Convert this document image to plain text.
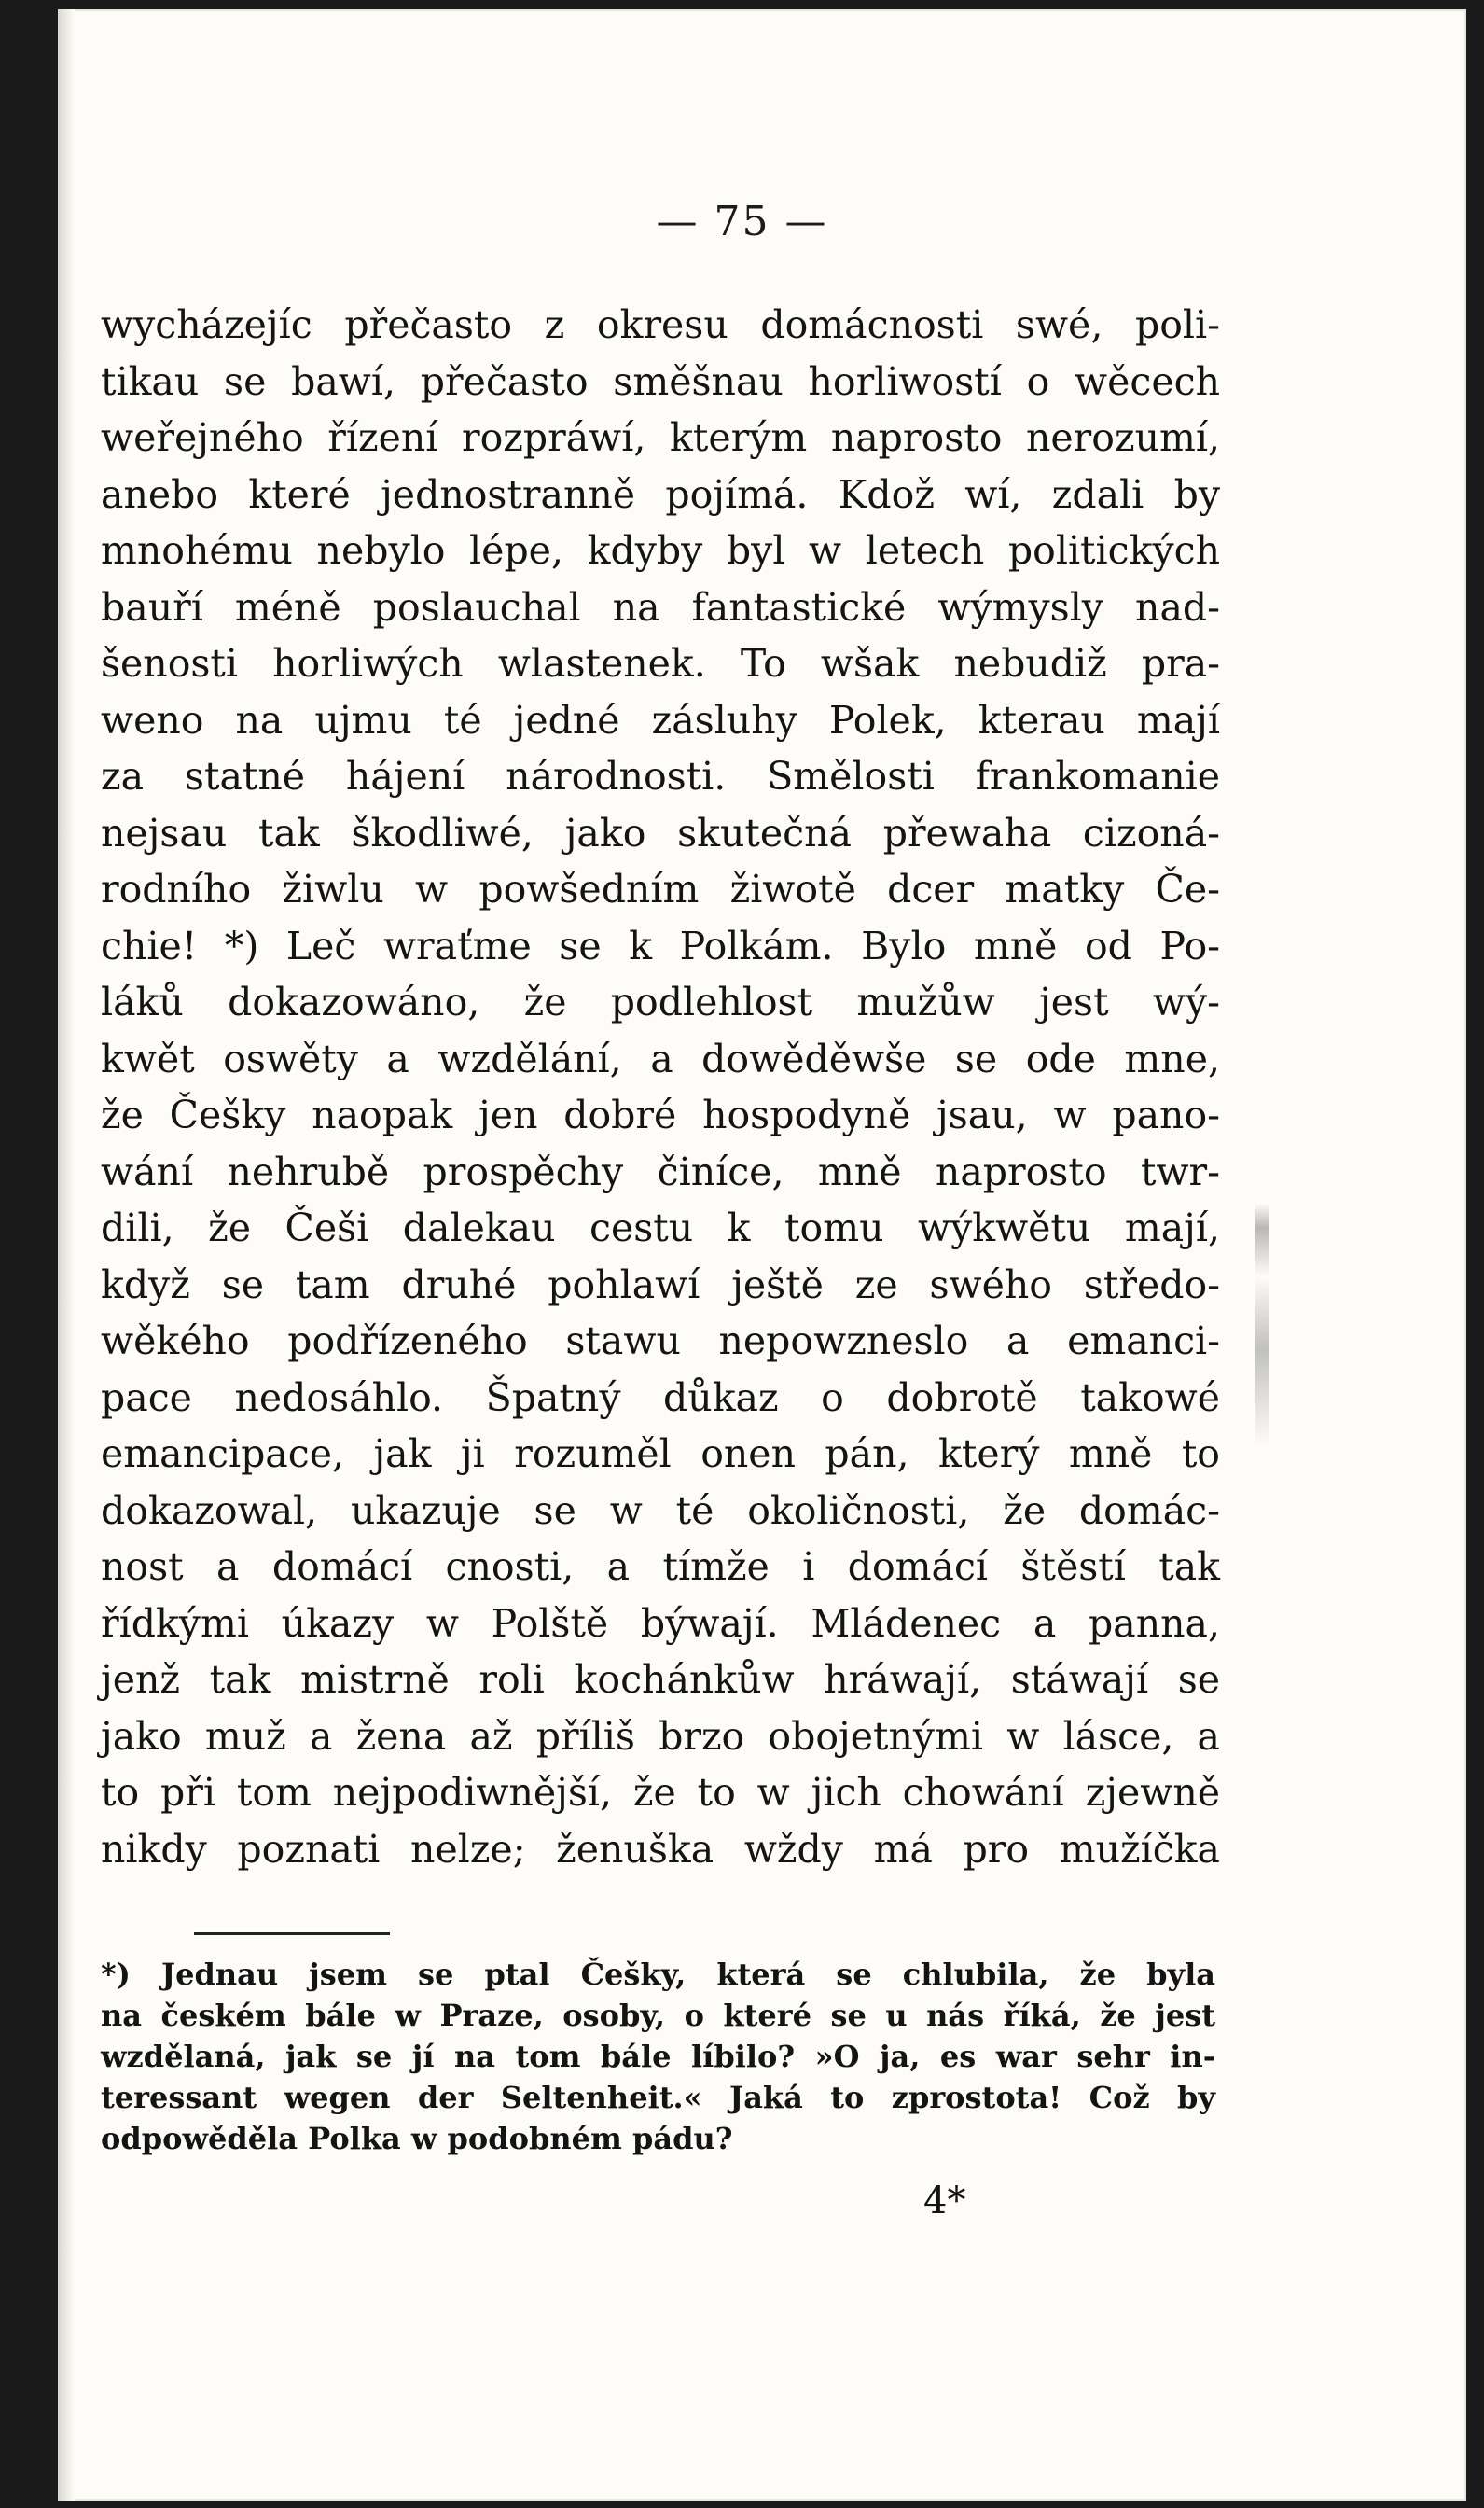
— 75 —
wycházejíc přečasto z okresu domácnosti swé, poli-
tikau se bawí, přečasto směšnau horliwostí o wěcech
weřejného řízení rozpráwí, kterým naprosto nerozumí,
anebo které jednostranně pojímá. Kdož wí, zdali by
mnohému nebylo lépe, kdyby byl w letech politických
bauří méně poslauchal na fantastické wýmysly nad-
šenosti horliwých wlastenek. To wšak nebudiž pra-
weno na ujmu té jedné zásluhy Polek, kterau mají
za statné hájení národnosti. Smělosti frankomanie
nejsau tak škodliwé, jako skutečná přewaha cizoná-
rodního žiwlu w powšedním žiwotě dcer matky Če-
chie! *) Leč wraťme se k Polkám. Bylo mně od Po-
láků dokazowáno, že podlehlost mužůw jest wý-
kwět oswěty a wzdělání, a dowěděwše se ode mne,
že Češky naopak jen dobré hospodyně jsau, w pano-
wání nehrubě prospěchy činíce, mně naprosto twr-
dili, že Češi dalekau cestu k tomu wýkwětu mají,
když se tam druhé pohlawí ještě ze swého středo-
wěkého podřízeného stawu nepowzneslo a emanci-
pace nedosáhlo. Špatný důkaz o dobrotě takowé
emancipace, jak ji rozuměl onen pán, který mně to
dokazowal, ukazuje se w té okoličnosti, že domác-
nost a domácí cnosti, a tímže i domácí štěstí tak
řídkými úkazy w Polště býwají. Mládenec a panna,
jenž tak mistrně roli kochánkůw hráwají, stáwají se
jako muž a žena až příliš brzo obojetnými w lásce, a
to při tom nejpodiwnější, že to w jich chowání zjewně
nikdy poznati nelze; ženuška wždy má pro mužíčka
*) Jednau jsem se ptal Češky, která se chlubila, že byla
na českém bále w Praze, osoby, o které se u nás říká, že jest
wzdělaná, jak se jí na tom bále líbilo? »O ja, es war sehr in-
teressant wegen der Seltenheit.« Jaká to zprostota! Což by
odpowěděla Polka w podobném pádu?
4*
